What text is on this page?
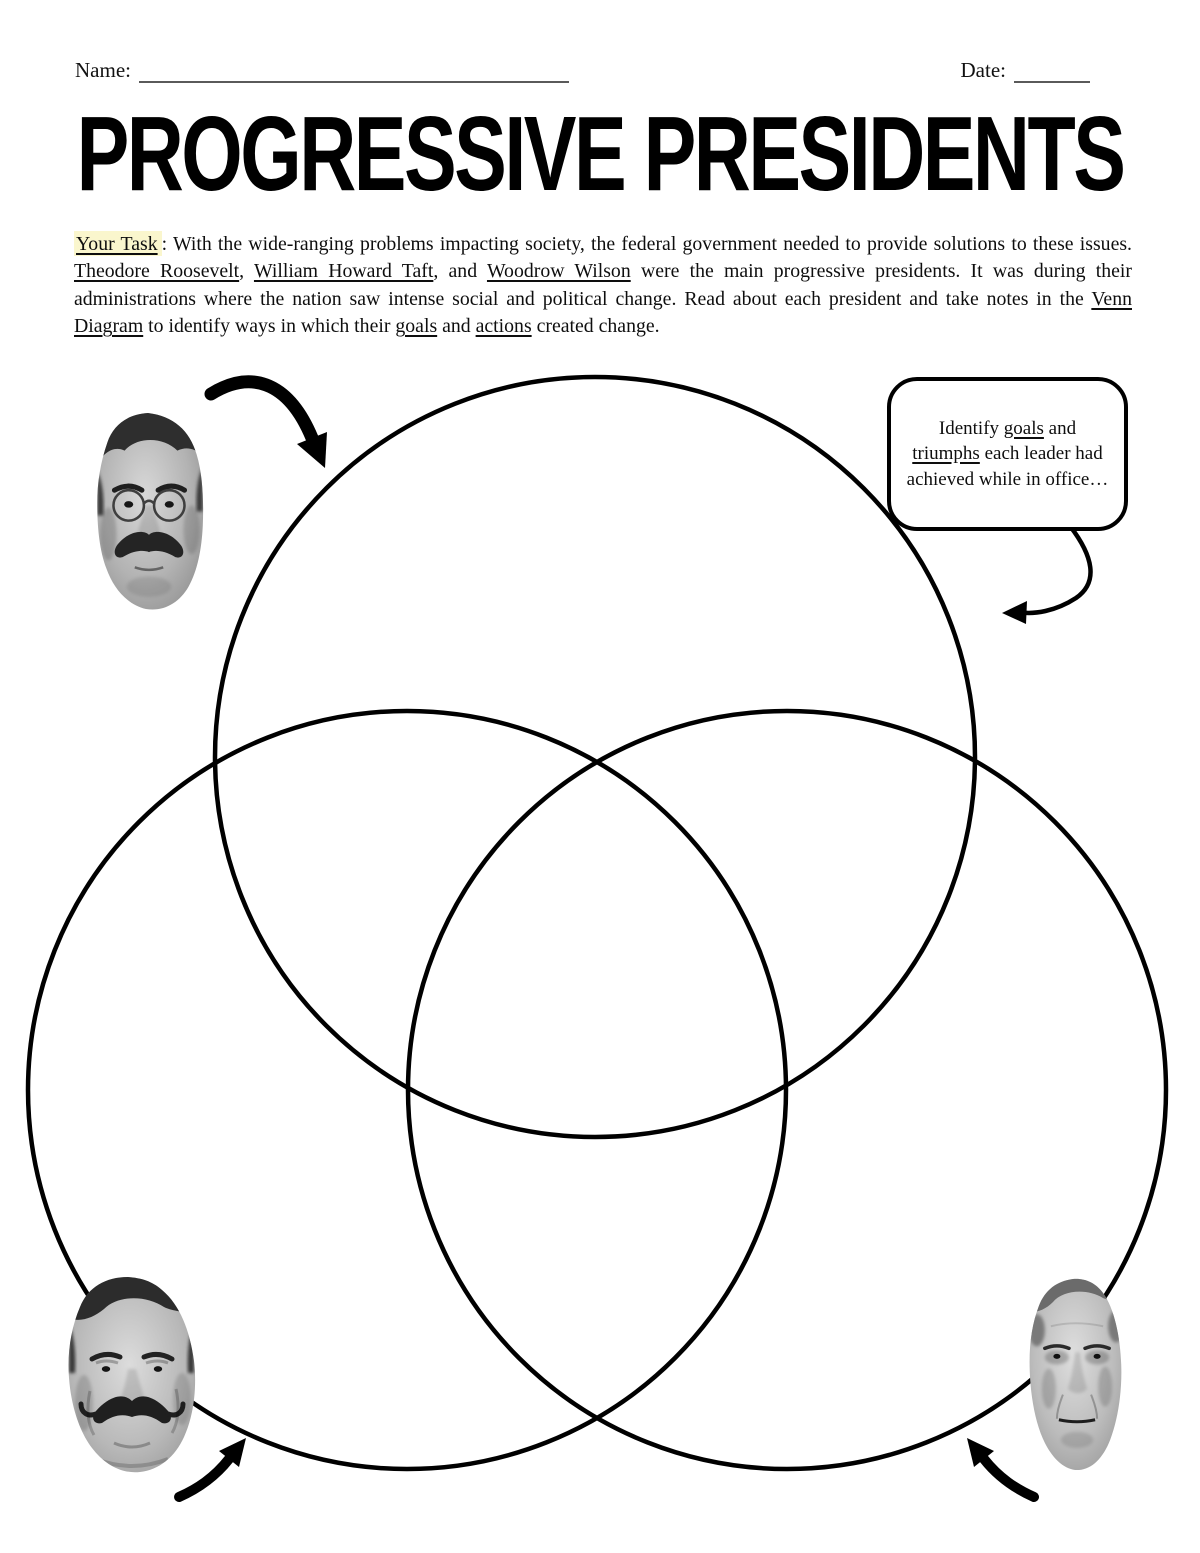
Name:	Date:
PROGRESSIVE PRESIDENTS

Your Task : With the wide-ranging problems impacting society, the federal government needed to provide solutions to these issues. Theodore Roosevelt, William Howard Taft, and Woodrow Wilson were the main progressive presidents. It was during their administrations where the nation saw intense social and political change. Read about each president and take notes in the Venn Diagram to identify ways in which their goals and actions created change.

Identify goals and triumphs each leader had achieved while in office…
